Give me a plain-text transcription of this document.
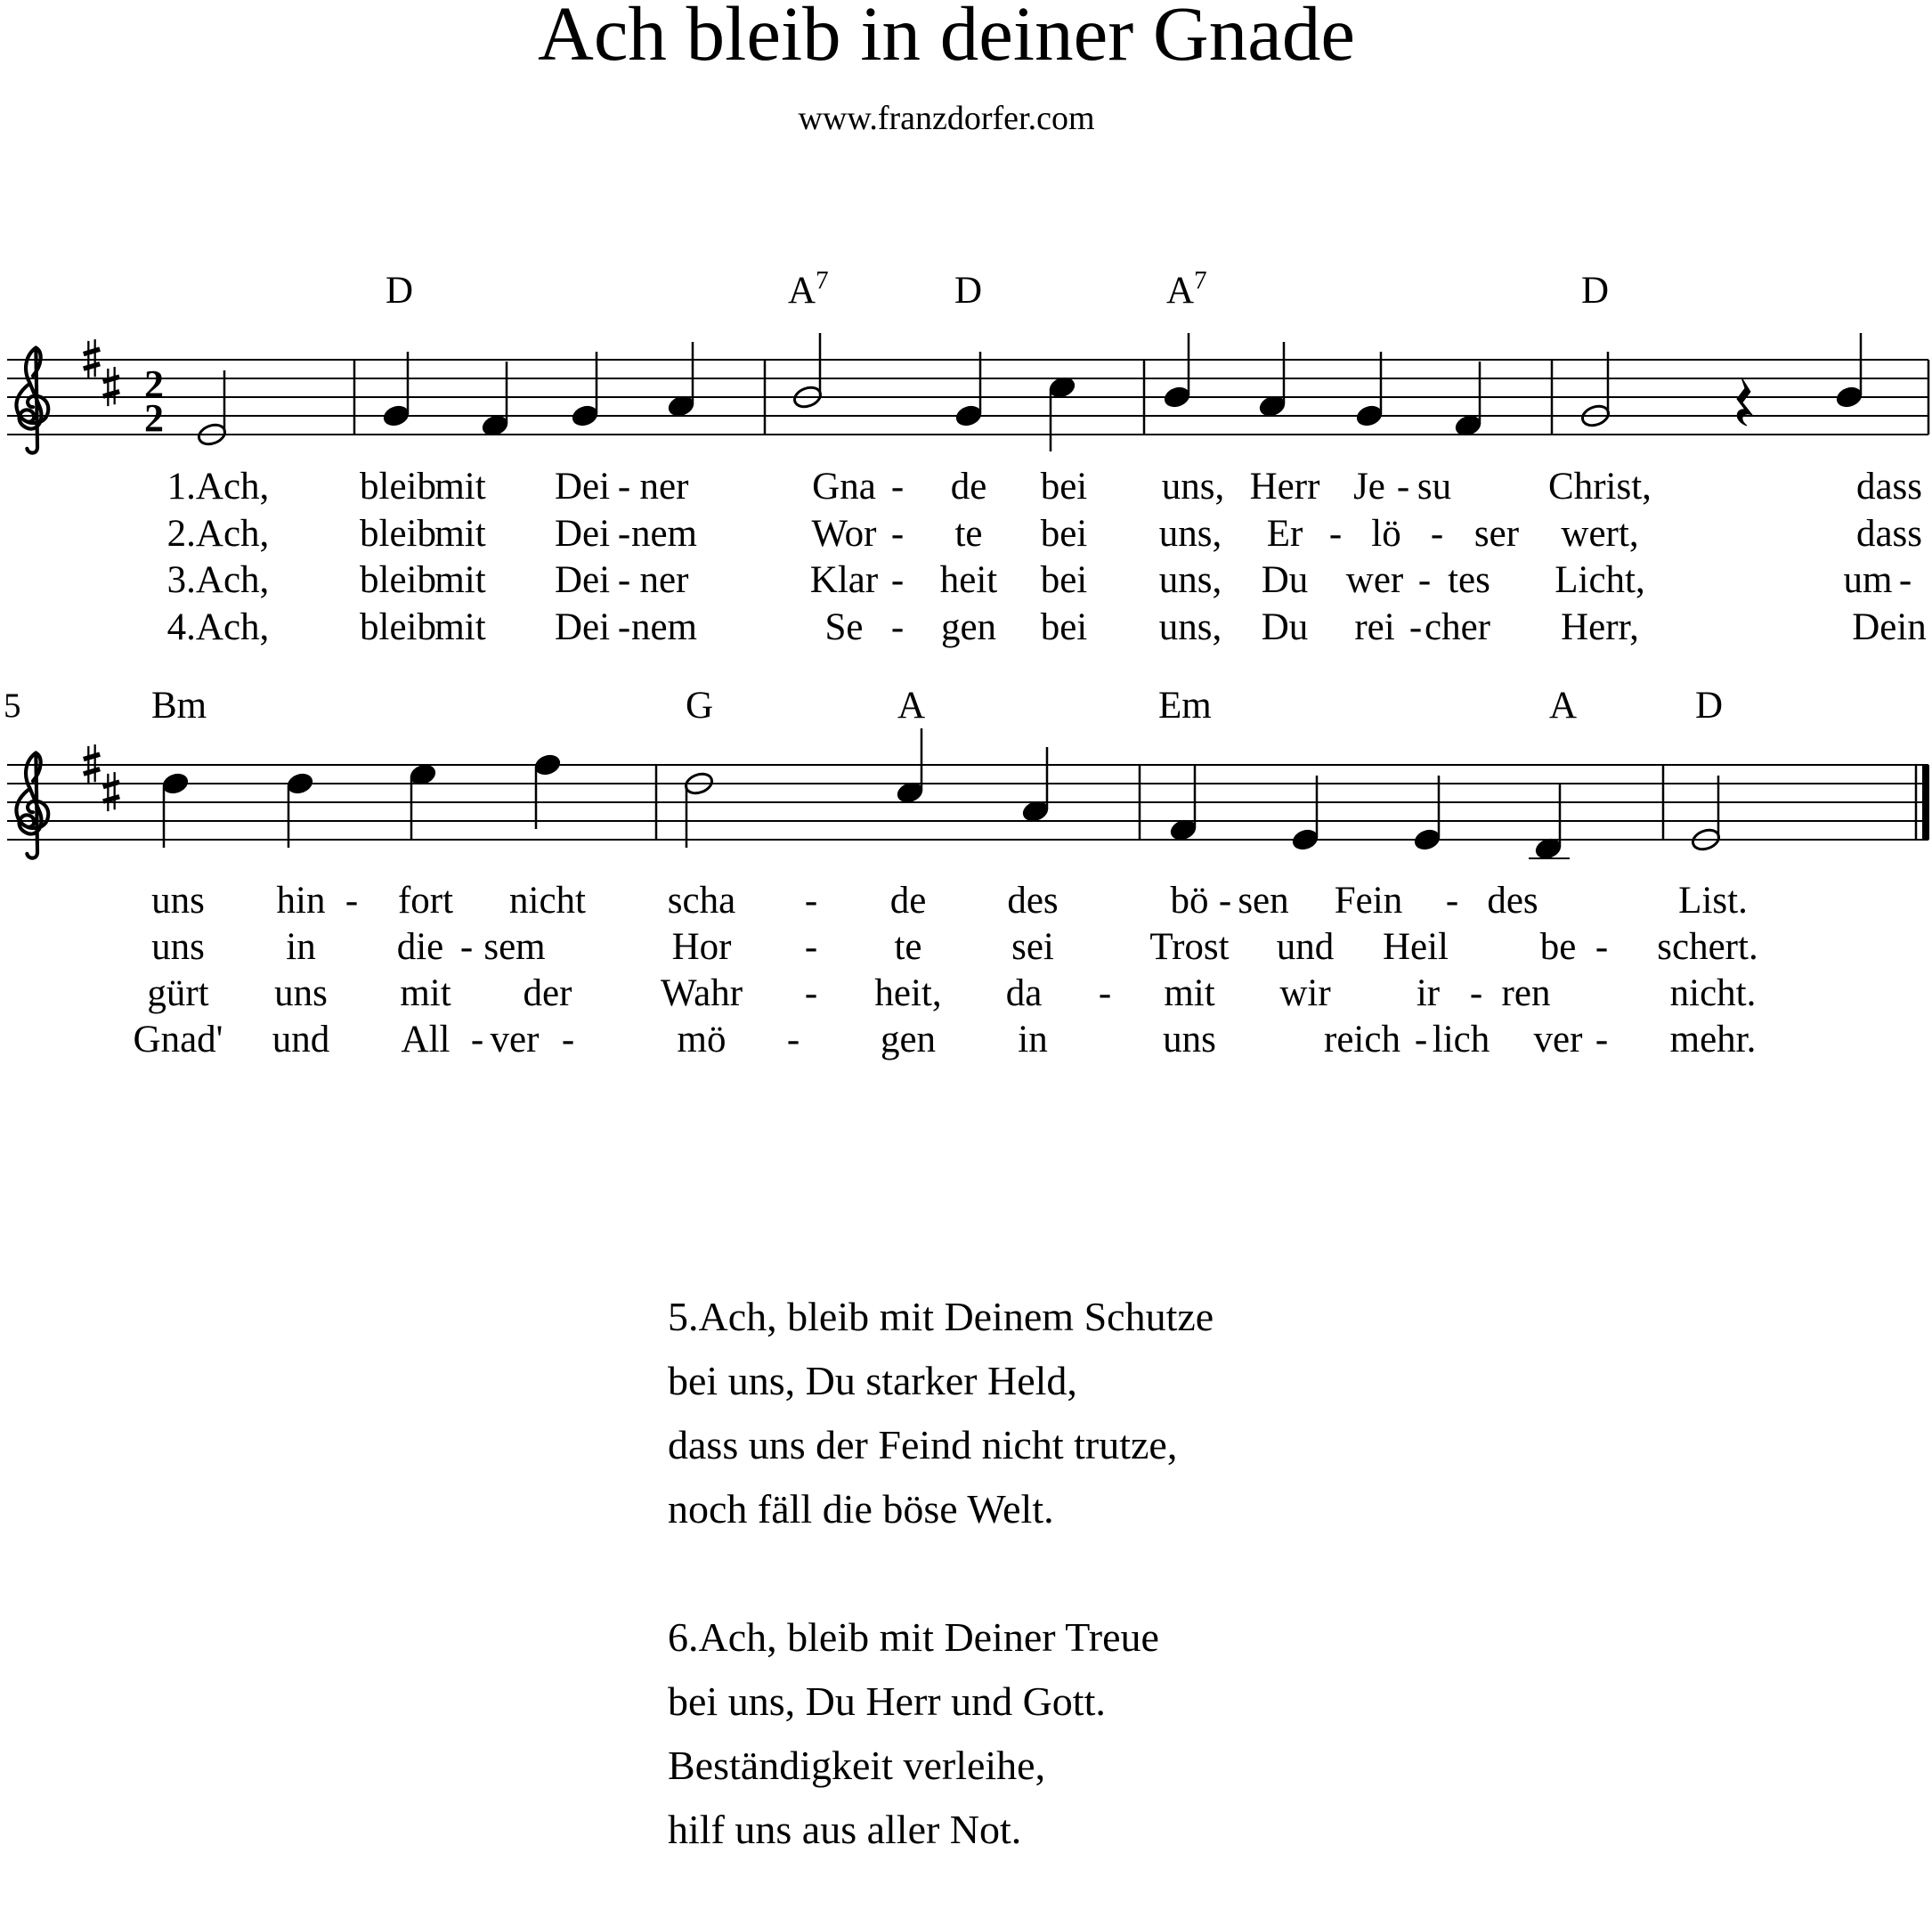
Ach bleib in deiner Gnade
www.franzdorfer.com
2
2
D	$A^7$	D	$A^7$	D
5	Bm	G	A	Em	A	D
1.Ach, bleib
mit Dei - ner	Gna - de bei uns, Herr Je - su	Christ,	dass
uns hin - fort nicht scha - de des	bö - sen Fein - des	List.
2.Ach, bleib
mit Dei - nem	Wor - te bei uns, Er - lö - ser wert,	dass
uns in die - sem	Hor - te sei Trost und Heil be - schert.
3.Ach, bleib
mit Dei - ner	Klar - heit bei uns, Du wer - tes Licht,	um -
gürt uns mit der Wahr - heit, da - mit wir ir - ren	nicht.
4.Ach, bleib
mit Dei - nem	Se - gen bei uns, Du rei - cher Herr,	Dein
Gnad' und All - ver -	mö - gen in	uns	reich - lich ver - mehr.
5.Ach, bleib mit Deinem Schutze
bei uns, Du starker Held,
dass uns der Feind nicht trutze,
noch fäll die böse Welt.
6.Ach, bleib mit Deiner Treue
bei uns, Du Herr und Gott.
Beständigkeit verleihe,
hilf uns aus aller Not.
